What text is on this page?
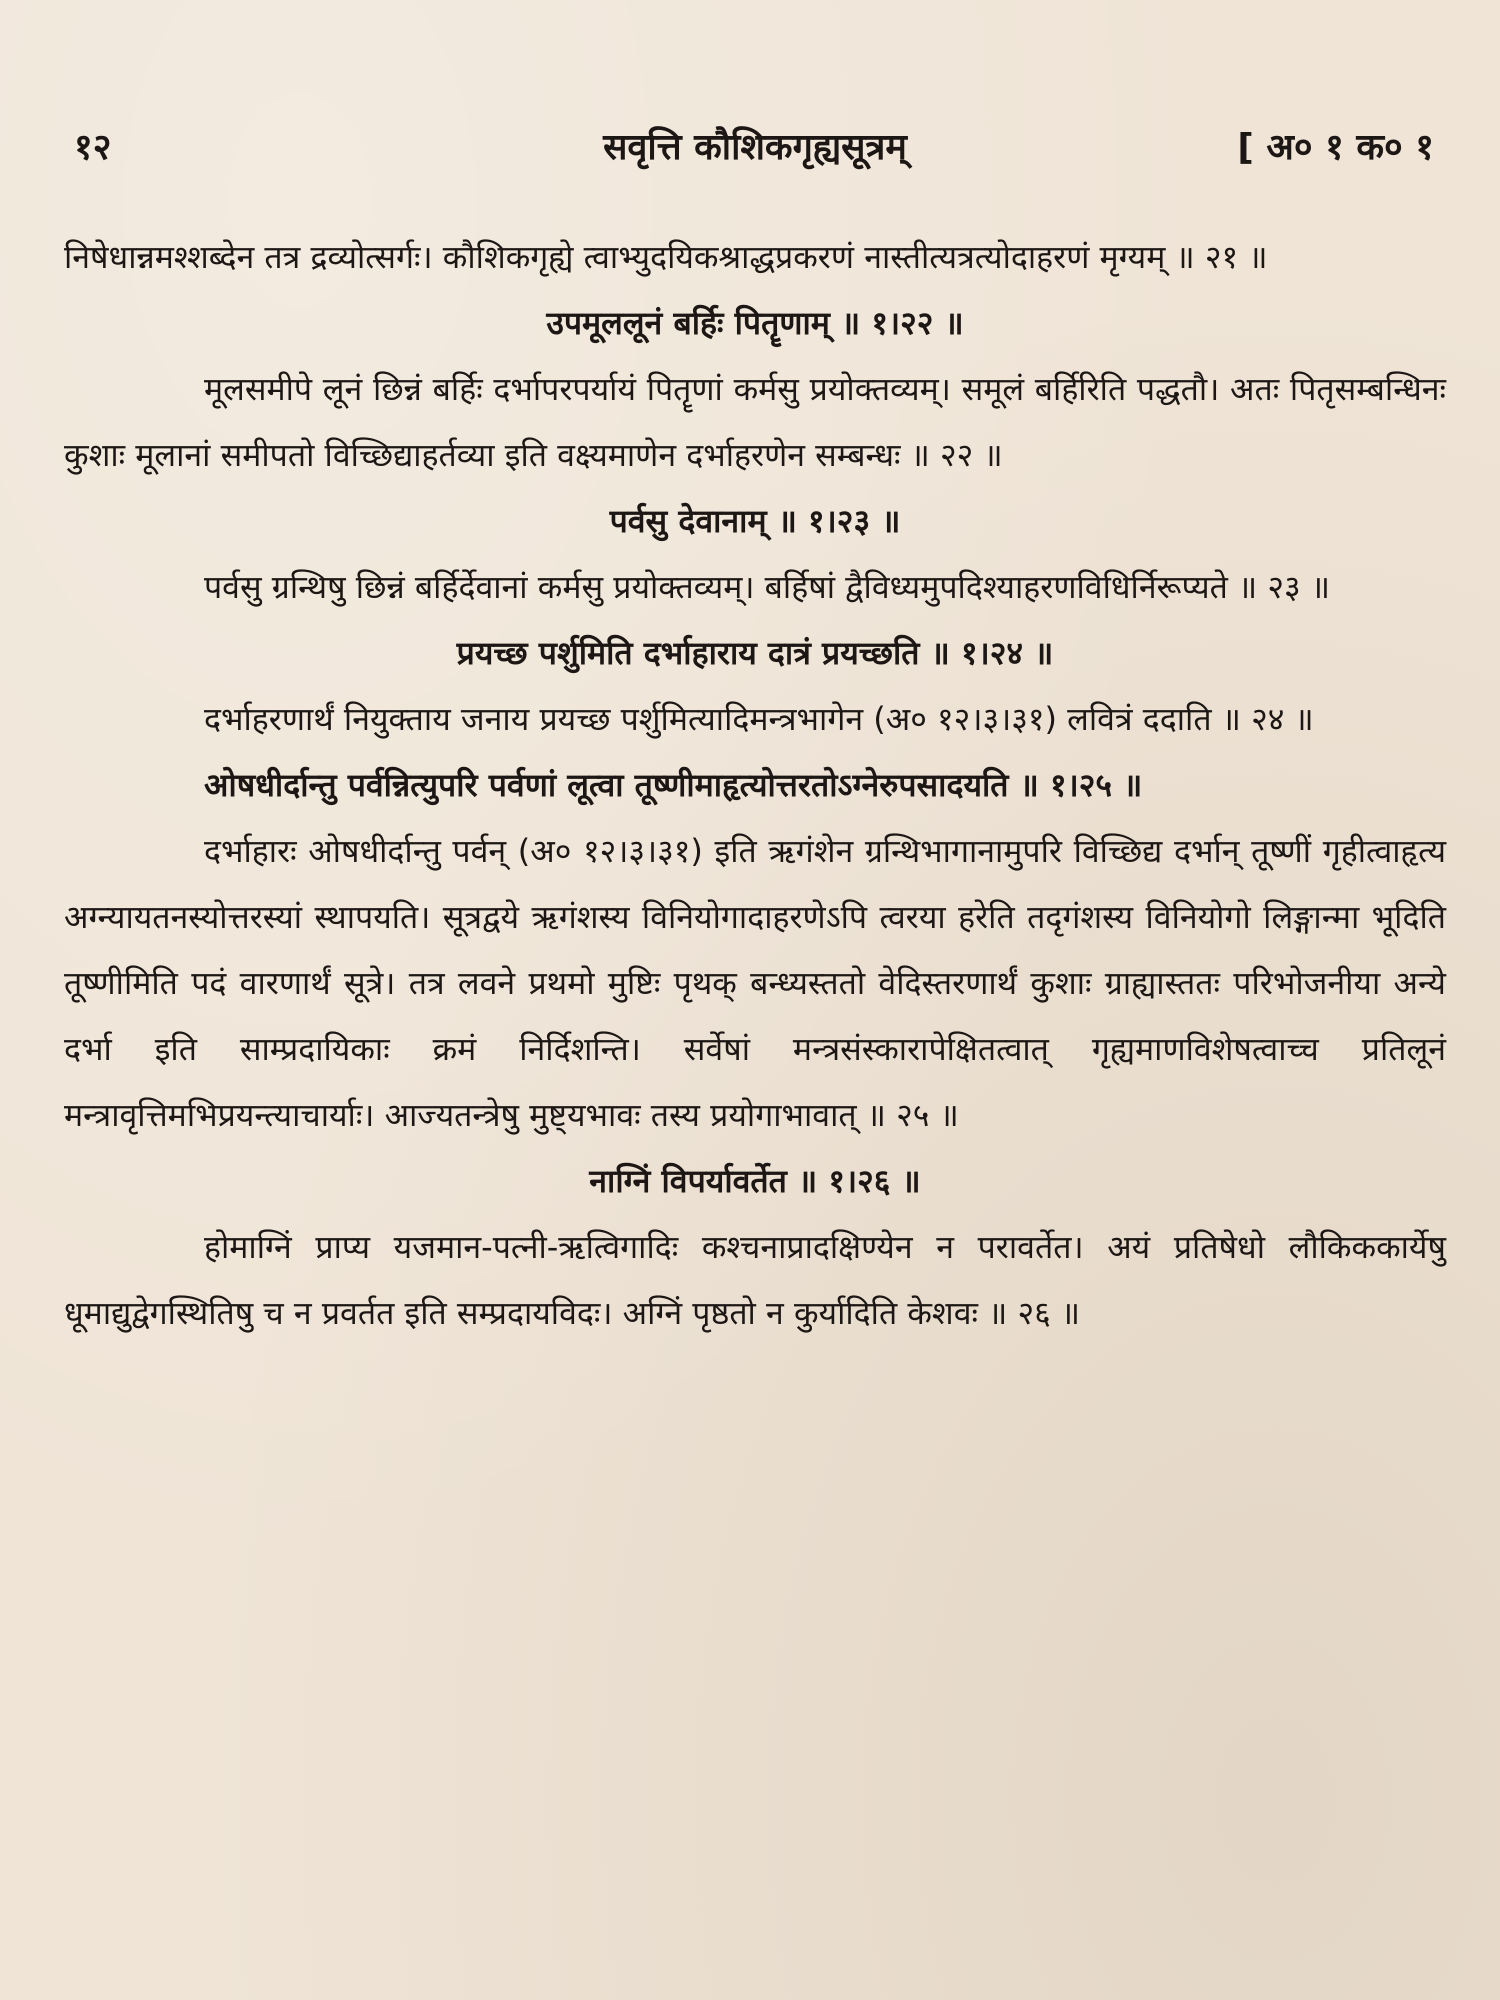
१२	सवृत्ति कौशिकगृह्यसूत्रम्	[ अ० १ क० १

निषेधान्नमश्शब्देन तत्र द्रव्योत्सर्गः। कौशिकगृह्ये त्वाभ्युदयिकश्राद्धप्रकरणं नास्तीत्यत्रत्योदाहरणं मृग्यम् ॥ २१ ॥

उपमूललूनं बर्हिः पितॄणाम् ॥ १।२२ ॥

मूलसमीपे लूनं छिन्नं बर्हिः दर्भापरपर्यायं पितॄणां कर्मसु प्रयोक्तव्यम्। समूलं बर्हिरिति पद्धतौ। अतः पितृसम्बन्धिनः कुशाः मूलानां समीपतो विच्छिद्याहर्तव्या इति वक्ष्यमाणेन दर्भाहरणेन सम्बन्धः ॥ २२ ॥

पर्वसु देवानाम् ॥ १।२३ ॥

पर्वसु ग्रन्थिषु छिन्नं बर्हिर्देवानां कर्मसु प्रयोक्तव्यम्। बर्हिषां द्वैविध्यमुपदिश्याहरणविधिर्निरूप्यते ॥ २३ ॥

प्रयच्छ पर्शुमिति दर्भाहाराय दात्रं प्रयच्छति ॥ १।२४ ॥

दर्भाहरणार्थं नियुक्ताय जनाय प्रयच्छ पर्शुमित्यादिमन्त्रभागेन (अ० १२।३।३१) लवित्रं ददाति ॥ २४ ॥

ओषधीर्दान्तु पर्वन्नित्युपरि पर्वणां लूत्वा तूष्णीमाहृत्योत्तरतोऽग्नेरुपसादयति ॥ १।२५ ॥

दर्भाहारः ओषधीर्दान्तु पर्वन् (अ० १२।३।३१) इति ऋगंशेन ग्रन्थिभागानामुपरि विच्छिद्य दर्भान् तूष्णीं गृहीत्वाहृत्य अग्न्यायतनस्योत्तरस्यां स्थापयति। सूत्रद्वये ऋगंशस्य विनियोगादाहरणेऽपि त्वरया हरेति तदृगंशस्य विनियोगो लिङ्गान्मा भूदिति तूष्णीमिति पदं वारणार्थं सूत्रे। तत्र लवने प्रथमो मुष्टिः पृथक् बन्ध्यस्ततो वेदिस्तरणार्थं कुशाः ग्राह्यास्ततः परिभोजनीया अन्ये दर्भा इति साम्प्रदायिकाः क्रमं निर्दिशन्ति। सर्वेषां मन्त्रसंस्कारापेक्षितत्वात् गृह्यमाणविशेषत्वाच्च प्रतिलूनं मन्त्रावृत्तिमभिप्रयन्त्याचार्याः। आज्यतन्त्रेषु मुष्ट्यभावः तस्य प्रयोगाभावात् ॥ २५ ॥

नाग्निं विपर्यावर्तेत ॥ १।२६ ॥

होमाग्निं प्राप्य यजमान-पत्नी-ऋत्विगादिः कश्चनाप्रादक्षिण्येन न परावर्तेत। अयं प्रतिषेधो लौकिककार्येषु धूमाद्युद्वेगस्थितिषु च न प्रवर्तत इति सम्प्रदायविदः। अग्निं पृष्ठतो न कुर्यादिति केशवः ॥ २६ ॥
